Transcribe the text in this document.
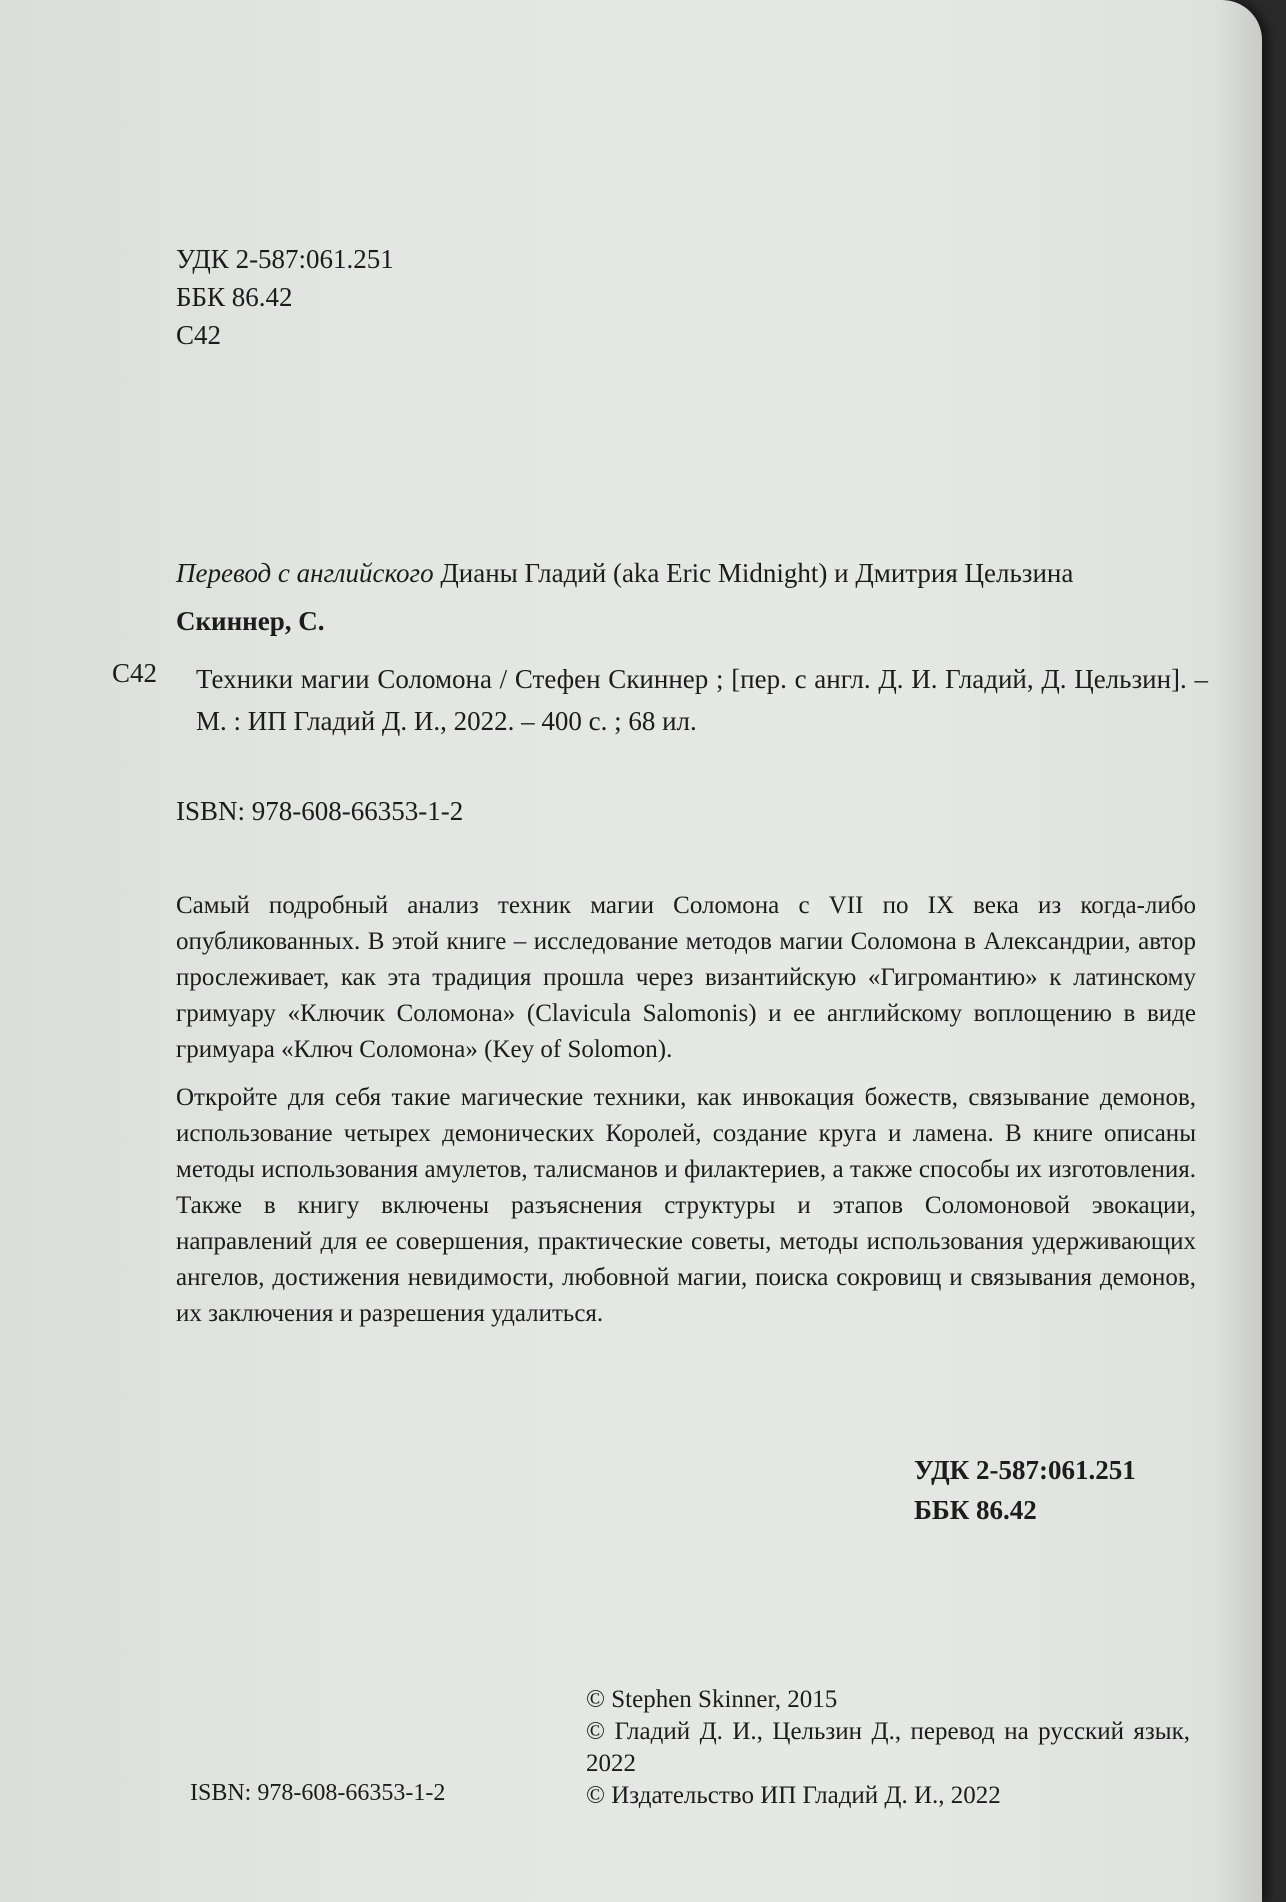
УДК 2-587:061.251
ББК 86.42
С42
Перевод с английского Дианы Гладий (aka Eric Midnight) и Дмитрия Цельзина
Скиннер, С.
С42 Техники магии Соломона / Стефен Скиннер ; [пер. с англ. Д. И. Гладий, Д. Цельзин]. – М. : ИП Гладий Д. И., 2022. – 400 с. ; 68 ил.
ISBN: 978-608-66353-1-2

Самый подробный анализ техник магии Соломона с VII по IX века из когда-либо опубликованных. В этой книге – исследование методов магии Соломона в Александрии, автор прослеживает, как эта традиция прошла через византийскую «Гигромантию» к латинскому гримуару «Ключик Соломона» (Clavicula Salomonis) и ее английскому воплощению в виде гримуара «Ключ Соломона» (Key of Solomon).

Откройте для себя такие магические техники, как инвокация божеств, связывание демонов, использование четырех демонических Королей, создание круга и ламена. В книге описаны методы использования амулетов, талисманов и филактериев, а также способы их изготовления. Также в книгу включены разъяснения структуры и этапов Соломоновой эвокации, направлений для ее совершения, практические советы, методы использования удерживающих ангелов, достижения невидимости, любовной магии, поиска сокровищ и связывания демонов, их заключения и разрешения удалиться.

УДК 2-587:061.251
ББК 86.42
© Stephen Skinner, 2015
© Гладий Д. И., Цельзин Д., перевод на русский язык, 2022
© Издательство ИП Гладий Д. И., 2022
ISBN: 978-608-66353-1-2
